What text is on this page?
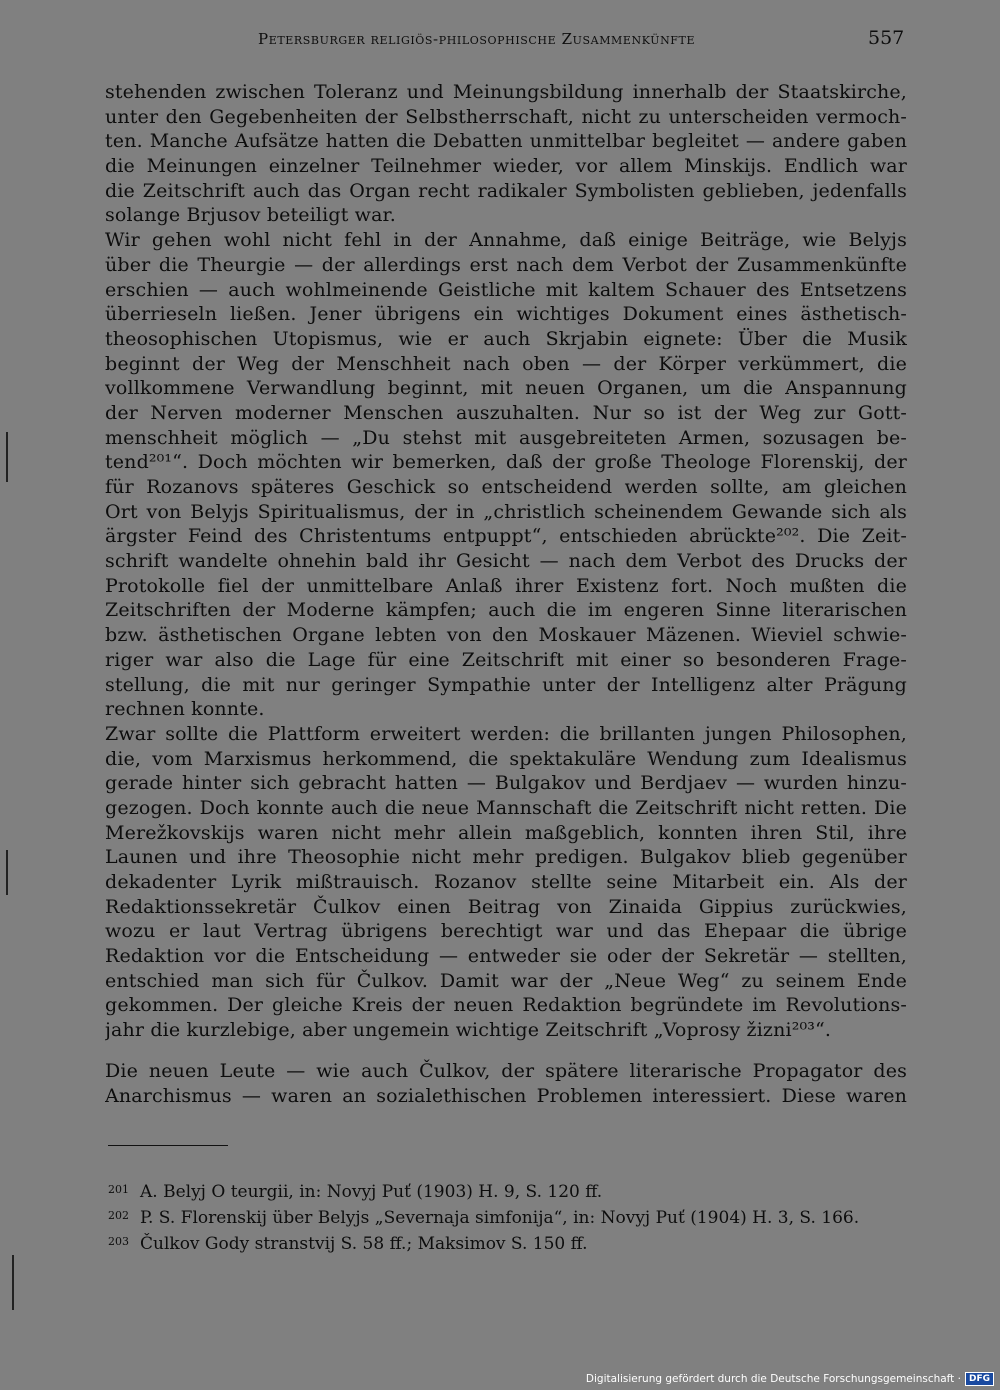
Petersburger religiös-philosophische Zusammenkünfte	557
stehenden zwischen Toleranz und Meinungsbildung innerhalb der Staatskirche,
unter den Gegebenheiten der Selbstherrschaft, nicht zu unterscheiden vermoch-
ten. Manche Aufsätze hatten die Debatten unmittelbar begleitet — andere gaben
die Meinungen einzelner Teilnehmer wieder, vor allem Minskijs. Endlich war
die Zeitschrift auch das Organ recht radikaler Symbolisten geblieben, jedenfalls
solange Brjusov beteiligt war.
Wir gehen wohl nicht fehl in der Annahme, daß einige Beiträge, wie Belyjs
über die Theurgie — der allerdings erst nach dem Verbot der Zusammenkünfte
erschien — auch wohlmeinende Geistliche mit kaltem Schauer des Entsetzens
überrieseln ließen. Jener übrigens ein wichtiges Dokument eines ästhetisch-
theosophischen Utopismus, wie er auch Skrjabin eignete: Über die Musik
beginnt der Weg der Menschheit nach oben — der Körper verkümmert, die
vollkommene Verwandlung beginnt, mit neuen Organen, um die Anspannung
der Nerven moderner Menschen auszuhalten. Nur so ist der Weg zur Gott-
menschheit möglich — „Du stehst mit ausgebreiteten Armen, sozusagen be-
tend²⁰¹“. Doch möchten wir bemerken, daß der große Theologe Florenskij, der
für Rozanovs späteres Geschick so entscheidend werden sollte, am gleichen
Ort von Belyjs Spiritualismus, der in „christlich scheinendem Gewande sich als
ärgster Feind des Christentums entpuppt“, entschieden abrückte²⁰². Die Zeit-
schrift wandelte ohnehin bald ihr Gesicht — nach dem Verbot des Drucks der
Protokolle fiel der unmittelbare Anlaß ihrer Existenz fort. Noch mußten die
Zeitschriften der Moderne kämpfen; auch die im engeren Sinne literarischen
bzw. ästhetischen Organe lebten von den Moskauer Mäzenen. Wieviel schwie-
riger war also die Lage für eine Zeitschrift mit einer so besonderen Frage-
stellung, die mit nur geringer Sympathie unter der Intelligenz alter Prägung
rechnen konnte.
Zwar sollte die Plattform erweitert werden: die brillanten jungen Philosophen,
die, vom Marxismus herkommend, die spektakuläre Wendung zum Idealismus
gerade hinter sich gebracht hatten — Bulgakov und Berdjaev — wurden hinzu-
gezogen. Doch konnte auch die neue Mannschaft die Zeitschrift nicht retten. Die
Merežkovskijs waren nicht mehr allein maßgeblich, konnten ihren Stil, ihre
Launen und ihre Theosophie nicht mehr predigen. Bulgakov blieb gegenüber
dekadenter Lyrik mißtrauisch. Rozanov stellte seine Mitarbeit ein. Als der
Redaktionssekretär Čulkov einen Beitrag von Zinaida Gippius zurückwies,
wozu er laut Vertrag übrigens berechtigt war und das Ehepaar die übrige
Redaktion vor die Entscheidung — entweder sie oder der Sekretär — stellten,
entschied man sich für Čulkov. Damit war der „Neue Weg“ zu seinem Ende
gekommen. Der gleiche Kreis der neuen Redaktion begründete im Revolutions-
jahr die kurzlebige, aber ungemein wichtige Zeitschrift „Voprosy žizni²⁰³“.
Die neuen Leute — wie auch Čulkov, der spätere literarische Propagator des
Anarchismus — waren an sozialethischen Problemen interessiert. Diese waren
201 A. Belyj O teurgii, in: Novyj Puť (1903) H. 9, S. 120 ff.
202 P. S. Florenskij über Belyjs „Severnaja simfonija“, in: Novyj Puť (1904) H. 3, S. 166.
203 Čulkov Gody stranstvij S. 58 ff.; Maksimov S. 150 ff.
Digitalisierung gefördert durch die Deutsche Forschungsgemeinschaft · DFG
